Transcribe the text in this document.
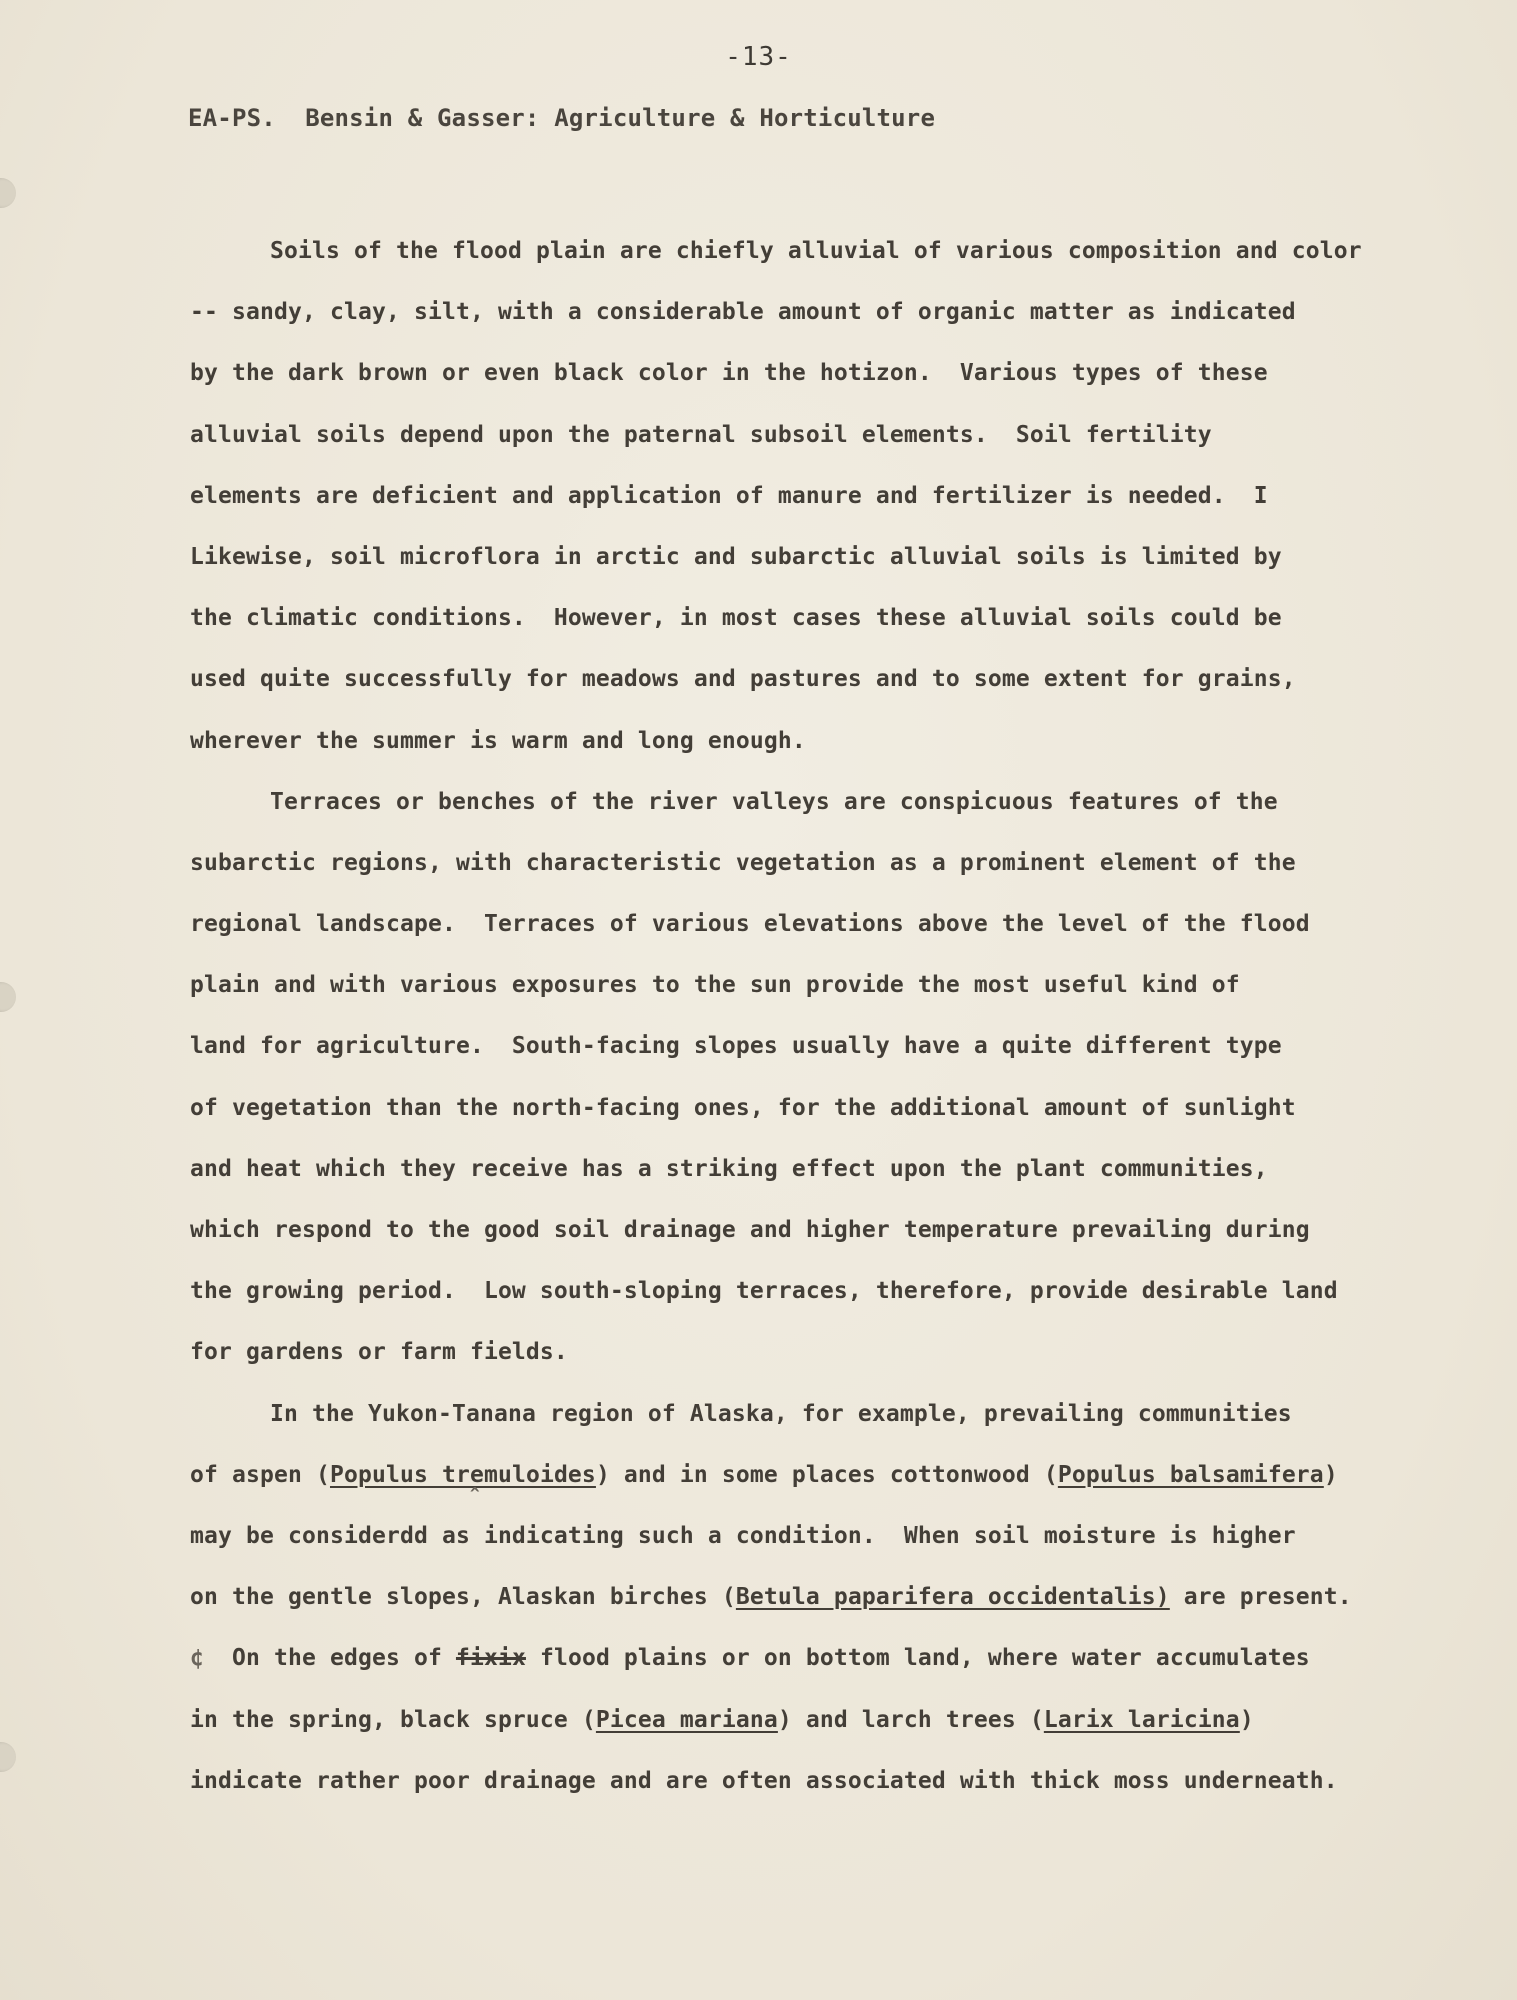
-13-
EA-PS.  Bensin & Gasser: Agriculture & Horticulture
Soils of the flood plain are chiefly alluvial of various composition and color
-- sandy, clay, silt, with a considerable amount of organic matter as indicated
by the dark brown or even black color in the hotizon.  Various types of these
alluvial soils depend upon the paternal subsoil elements.  Soil fertility
elements are deficient and application of manure and fertilizer is needed.  I
Likewise, soil microflora in arctic and subarctic alluvial soils is limited by
the climatic conditions.  However, in most cases these alluvial soils could be
used quite successfully for meadows and pastures and to some extent for grains,
wherever the summer is warm and long enough.
Terraces or benches of the river valleys are conspicuous features of the
subarctic regions, with characteristic vegetation as a prominent element of the
regional landscape.  Terraces of various elevations above the level of the flood
plain and with various exposures to the sun provide the most useful kind of
land for agriculture.  South-facing slopes usually have a quite different type
of vegetation than the north-facing ones, for the additional amount of sunlight
and heat which they receive has a striking effect upon the plant communities,
which respond to the good soil drainage and higher temperature prevailing during
the growing period.  Low south-sloping terraces, therefore, provide desirable land
for gardens or farm fields.
In the Yukon-Tanana region of Alaska, for example, prevailing communities
of aspen (Populus tremuloides) and in some places cottonwood (Populus balsamifera)
may be considerdd as indicating such a condition.  When soil moisture is higher
on the gentle slopes, Alaskan birches (Betula paparifera occidentalis) are present.
¢  On the edges of fixix flood plains or on bottom land, where water accumulates
in the spring, black spruce (Picea mariana) and larch trees (Larix laricina)
indicate rather poor drainage and are often associated with thick moss underneath.
^
